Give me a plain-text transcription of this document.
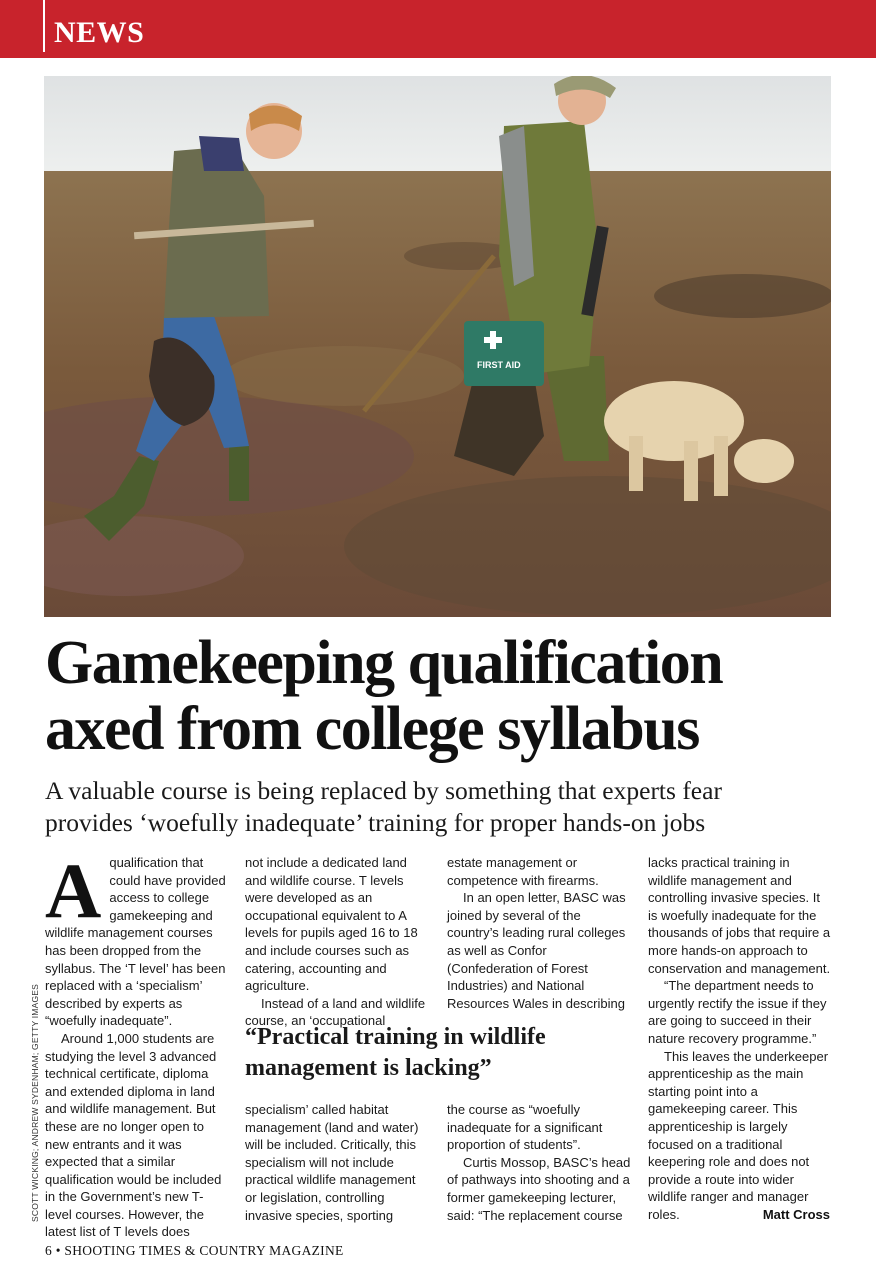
NEWS
FIRST AID
Gamekeeping qualification
axed from college syllabus
A valuable course is being replaced by something that experts fear
provides ‘woefully inadequate’ training for proper hands-on jobs
SCOTT WICKING; ANDREW SYDENHAM; GETTY IMAGES
A qualification that could have provided access to college gamekeeping and wildlife management courses has been dropped from the syllabus. The ‘T level’ has been replaced with a ‘specialism’ described by experts as “woefully inadequate”.

Around 1,000 students are studying the level 3 advanced technical certificate, diploma and extended diploma in land and wildlife management. But these are no longer open to new entrants and it was expected that a similar qualification would be included in the Government’s new T-level courses. However, the latest list of T levels does

not include a dedicated land and wildlife course. T levels were developed as an occupational equivalent to A levels for pupils aged 16 to 18 and include courses such as catering, accounting and agriculture.

Instead of a land and wildlife course, an ‘occupational

“Practical training in wildlife
management is lacking”

specialism’ called habitat management (land and water) will be included. Critically, this specialism will not include practical wildlife management or legislation, controlling invasive species, sporting

estate management or competence with firearms.

In an open letter, BASC was joined by several of the country’s leading rural colleges as well as Confor (Confederation of Forest Industries) and National Resources Wales in describing

the course as “woefully inadequate for a significant proportion of students”.

Curtis Mossop, BASC’s head of pathways into shooting and a former gamekeeping lecturer, said: “The replacement course

lacks practical training in wildlife management and controlling invasive species. It is woefully inadequate for the thousands of jobs that require a more hands-on approach to conservation and management.

“The department needs to urgently rectify the issue if they are going to succeed in their nature recovery programme.”

This leaves the underkeeper apprenticeship as the main starting point into a gamekeeping career. This apprenticeship is largely focused on a traditional keepering role and does not provide a route into wider wildlife ranger and manager roles.	Matt Cross
6 • SHOOTING TIMES & COUNTRY MAGAZINE
